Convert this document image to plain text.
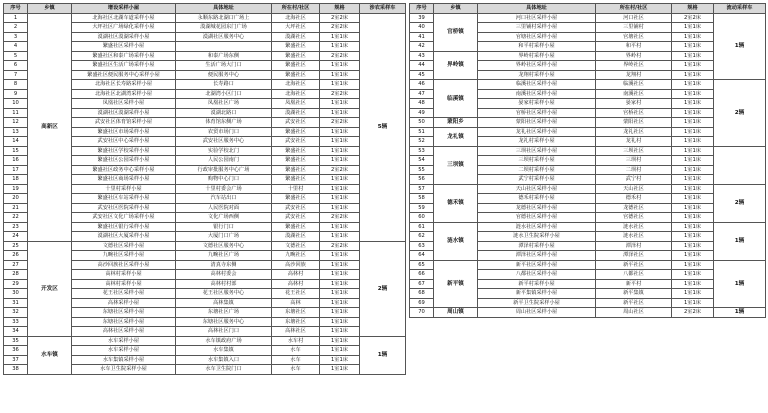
序号	乡镇	增设采样小屋	具体地址	所在村/社区	规格	涉农采样车
1	高新区	北海社区北湖车道采样小屋	永顺东路北湖口广场上	北海社区	2室2床	5辆
2		大坪社区广场绿化采样小屋	漠湖城花园东门广场	大坪社区	2室2床	
3		漠湖社区漠湖采样小屋	漠湖社区服务中心	漠湖社区	1室1床	
4		繁盛社区采样小屋		繁盛社区	1室1床	
5		繁盛社区和泰广场采样小屋	和泰广场东侧	繁盛社区	2室2床	
6		繁盛社区生活广场采样小屋	生活广场大门口	繁盛社区	1室1床	
7		繁盛社区便民服务中心采样小屋	便民服务中心	繁盛社区	1室1床	
8		北海社区长寿路采样小屋	长寿路口	北海社区	1室1床	
9		北海社区北湖湾采样小屋	北湖湾小区门口	北海社区	2室2床	
10		凤凰社区采样小屋	凤凰社区广场	凤凰社区	1室1床	
11		漠湖社区漠湖采样小屋	漠湖北路口	漠湖社区	1室1床	
12		武安社区体育馆采样小屋	体育馆东侧广场	武安社区	2室2床	
13		繁盛社区市场采样小屋	农贸市场门口	繁盛社区	1室1床	
14		武安社区中心采样小屋	武安社区服务中心	武安社区	1室1床	
15		繁盛社区学校采样小屋	实验学校北门	繁盛社区	1室1床	
16		繁盛社区公园采样小屋	人民公园南门	繁盛社区	1室1床	
17		繁盛社区政务中心采样小屋	行政审批服务中心广场	繁盛社区	2室2床	
18		繁盛社区商场采样小屋	购物中心门口	繁盛社区	1室1床	
19		十里村采样小屋	十里村委会广场	十里村	1室1床	
20		繁盛社区车站采样小屋	汽车站出口	繁盛社区	1室1床	
21		武安社区医院采样小屋	人民医院对面	武安社区	1室1床	
22		武安社区文化广场采样小屋	文化广场西侧	武安社区	2室2床	
23		繁盛社区银行采样小屋	银行门口	繁盛社区	1室1床	
24		漠湖社区大厦采样小屋	大厦门口广场	漠湖社区	1室1床	
25	开发区	文德社区采样小屋	文德社区服务中心	文德社区	2室2床	2辆
26		九畹社区采样小屋	九畹社区广场	九畹社区	1室1床	
27		高沙回族社区采样小屋	清真寺东侧	高沙回族	1室1床	
28		高林村采样小屋	高林村委会	高林村	1室1床	
29		高林村采样小屋	高林村村部	高林村	1室1床	
30		花王社区采样小屋	花王社区服务中心	花王社区	1室1床	
31		高林采样小屋	高林集镇	高林	1室1床	
32		东塘社区采样小屋	东塘社区广场	东塘社区	1室1床	
33		东塘社区采样小屋	东塘社区服务中心	东塘社区	1室1床	
34		高林社区采样小屋	高林社区门口	高林社区	1室1床	
35	水车镇	水车采样小屋	水车镇政府广场	水车村	1室1床	1辆
36		水车采样小屋	水车集镇	水车	1室1床	
37		水车集镇采样小屋	水车集镇入口	水车	1室1床	
38		水车卫生院采样小屋	水车卫生院门口	水车	1室1床	
序号	乡镇	具体地址	所在村/社区	规格	流动采样车
39	官桥镇	河口社区采样小屋	河口社区	2室2床	1辆
40		三里铺村采样小屋	三里铺村	1室1床	
41		官塘社区采样小屋	官塘社区	1室1床	
42		和平村采样小屋	和平村	1室1床	
43	界岭镇	界岭村采样小屋	界岭村	1室1床	
44		界岭社区采样小屋	界岭社区	1室1床	
45		龙翔村采样小屋	龙翔村	1室1床	
46	临溪镇	临溪社区采样小屋	临溪社区	1室1床	2辆
47		南溪社区采样小屋	南溪社区	1室1床	
48		晏家村采样小屋	晏家村	1室1床	
49		官桥社区采样小屋	官桥社区	1室1床	
50	蒙阳乡	蒙阳社区采样小屋	蒙阳社区	1室1床	
51	龙礼镇	龙礼社区采样小屋	龙礼社区	1室1床	
52		龙礼村采样小屋	龙礼村	1室1床	
53	三坝镇	三坝社区采样小屋	三坝社区	1室1床	
54		三坝村采样小屋	三坝村	1室1床	
55		二坝村采样小屋	二坝村	1室1床	
56		武宁村采样小屋	武宁村	1室1床	
57	德禾镇	天山社区采样小屋	天山社区	1室1床	2辆
58		德禾村采样小屋	德禾村	1室1床	
59		龙德社区采样小屋	龙德社区	1室1床	
60		官德社区采样小屋	官德社区	1室1床	
61	涟水镇	涟水社区采样小屋	涟水社区	1室1床	1辆
62		涟水卫生院采样小屋	涟水社区	1室1床	
63		潭泽村采样小屋	潭泽村	1室1床	
64		潭泽社区采样小屋	潭泽社区	1室1床	
65	新平镇	新平社区采样小屋	新平社区	1室1床	1辆
66		八都社区采样小屋	八都社区	1室1床	
67		新平村采样小屋	新平村	1室1床	
68		新平集镇采样小屋	新平集镇	1室1床	
69		新平卫生院采样小屋	新平社区	1室1床	
70	周山镇	周山社区采样小屋	周山社区	2室2床	1辆
